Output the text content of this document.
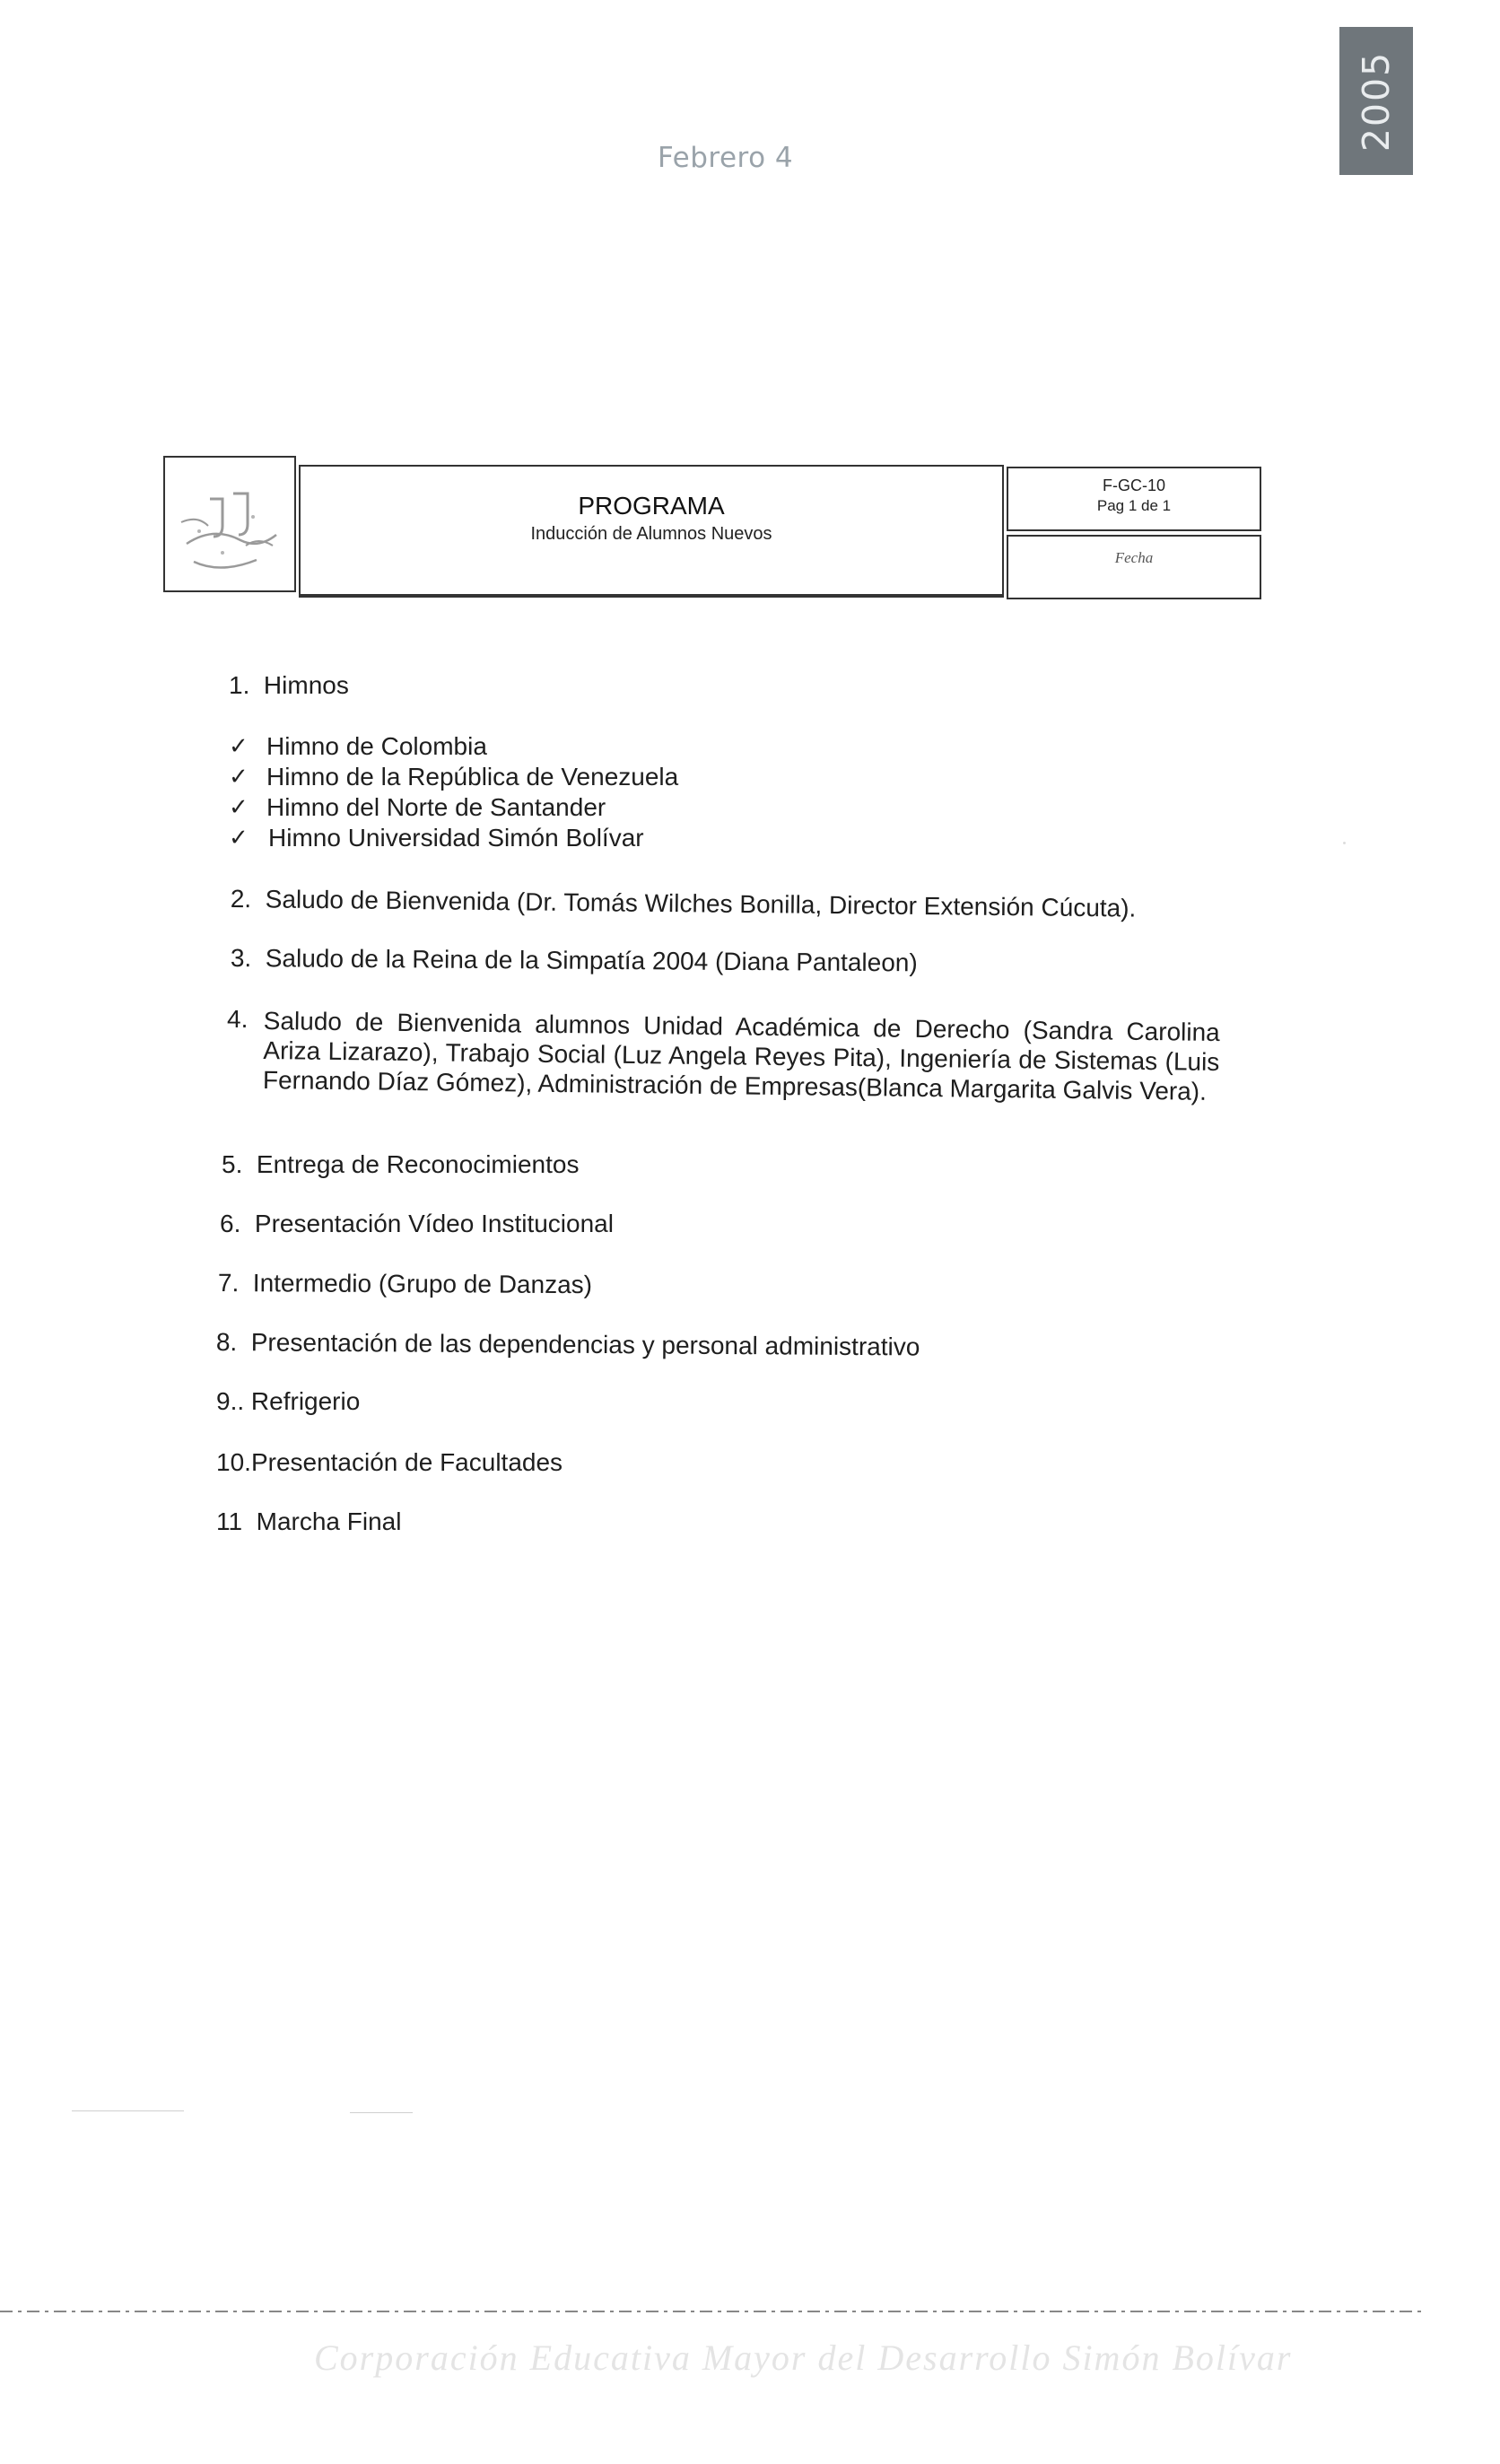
Febrero 4
2005
PROGRAMA
Inducción de Alumnos Nuevos
F-GC-10
Pag 1 de 1
Fecha
1. Himnos
✓ Himno de Colombia
✓ Himno de la República de Venezuela
✓ Himno del Norte de Santander
✓ Himno Universidad Simón Bolívar
2. Saludo de Bienvenida (Dr. Tomás Wilches Bonilla, Director Extensión Cúcuta).
3. Saludo de la Reina de la Simpatía 2004 (Diana Pantaleon)
4. Saludo de Bienvenida alumnos Unidad Académica de Derecho (Sandra Carolina Ariza Lizarazo), Trabajo Social (Luz Angela Reyes Pita), Ingeniería de Sistemas (Luis Fernando Díaz Gómez), Administración de Empresas(Blanca Margarita Galvis Vera).
5. Entrega de Reconocimientos
6. Presentación Vídeo Institucional
7. Intermedio (Grupo de Danzas)
8. Presentación de las dependencias y personal administrativo
9.. Refrigerio
10.Presentación de Facultades
11 Marcha Final
Corporación Educativa Mayor del Desarrollo Simón Bolívar
